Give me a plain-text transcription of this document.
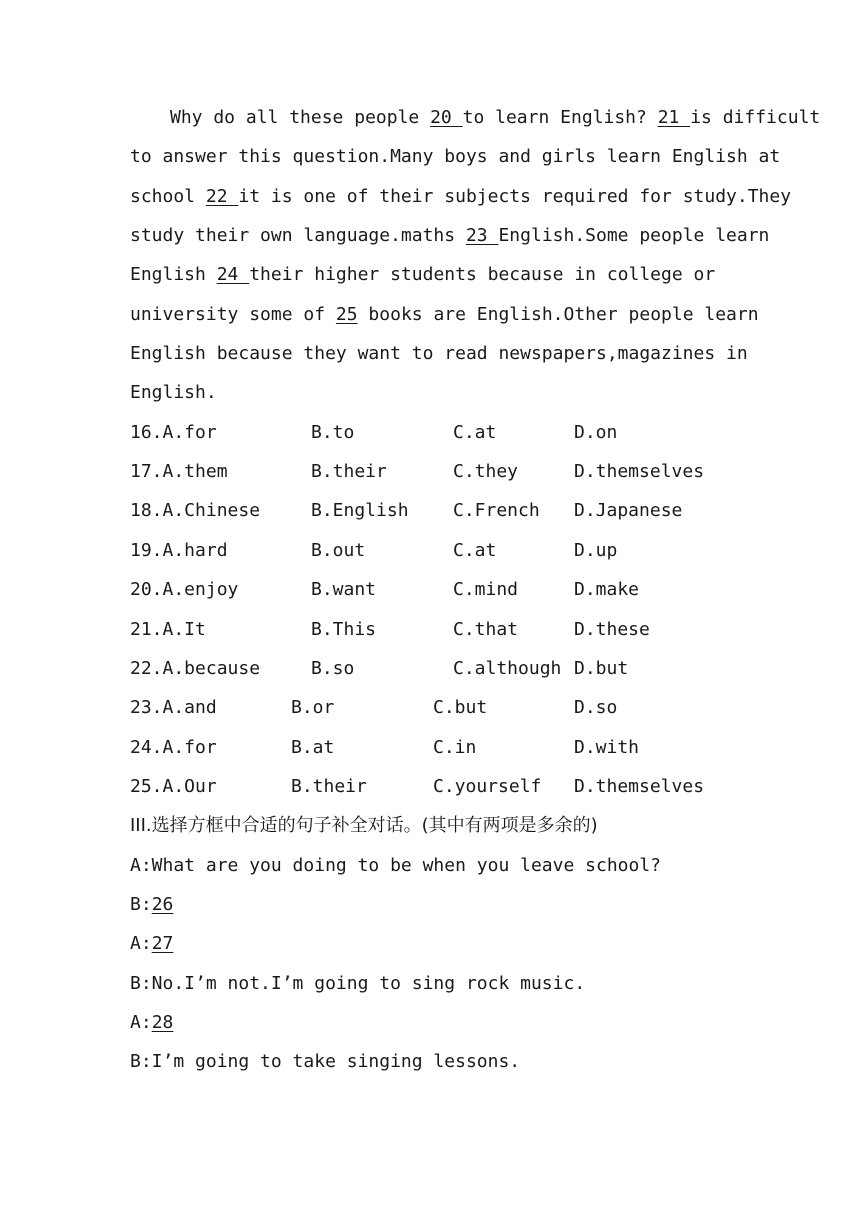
Why do all these people 20 to learn English? 21 is difficult
to answer this question.Many boys and girls learn English at
school 22 it is one of their subjects required for study.They
study their own language.maths 23 English.Some people learn
English 24 their higher students because in college or
university some of 25 books are English.Other people learn
English because they want to read newspapers,magazines in
English.
16.A.for	B.to	C.at	D.on
17.A.them	B.their	C.they	D.themselves
18.A.Chinese	B.English C.French D.Japanese
19.A.hard	B.out	C.at	D.up
20.A.enjoy	B.want	C.mind	D.make
21.A.It	B.This	C.that	D.these
22.A.because	B.so	C.although D.but
23.A.and	B.or	C.but	D.so
24.A.for	B.at	C.in	D.with
25.A.Our	B.their	C.yourself D.themselves
III.选择方框中合适的句子补全对话。(其中有两项是多余的)
A:What are you doing to be when you leave school?
B:26
A:27
B:No.I’m not.I’m going to sing rock music.
A:28
B:I’m going to take singing lessons.
